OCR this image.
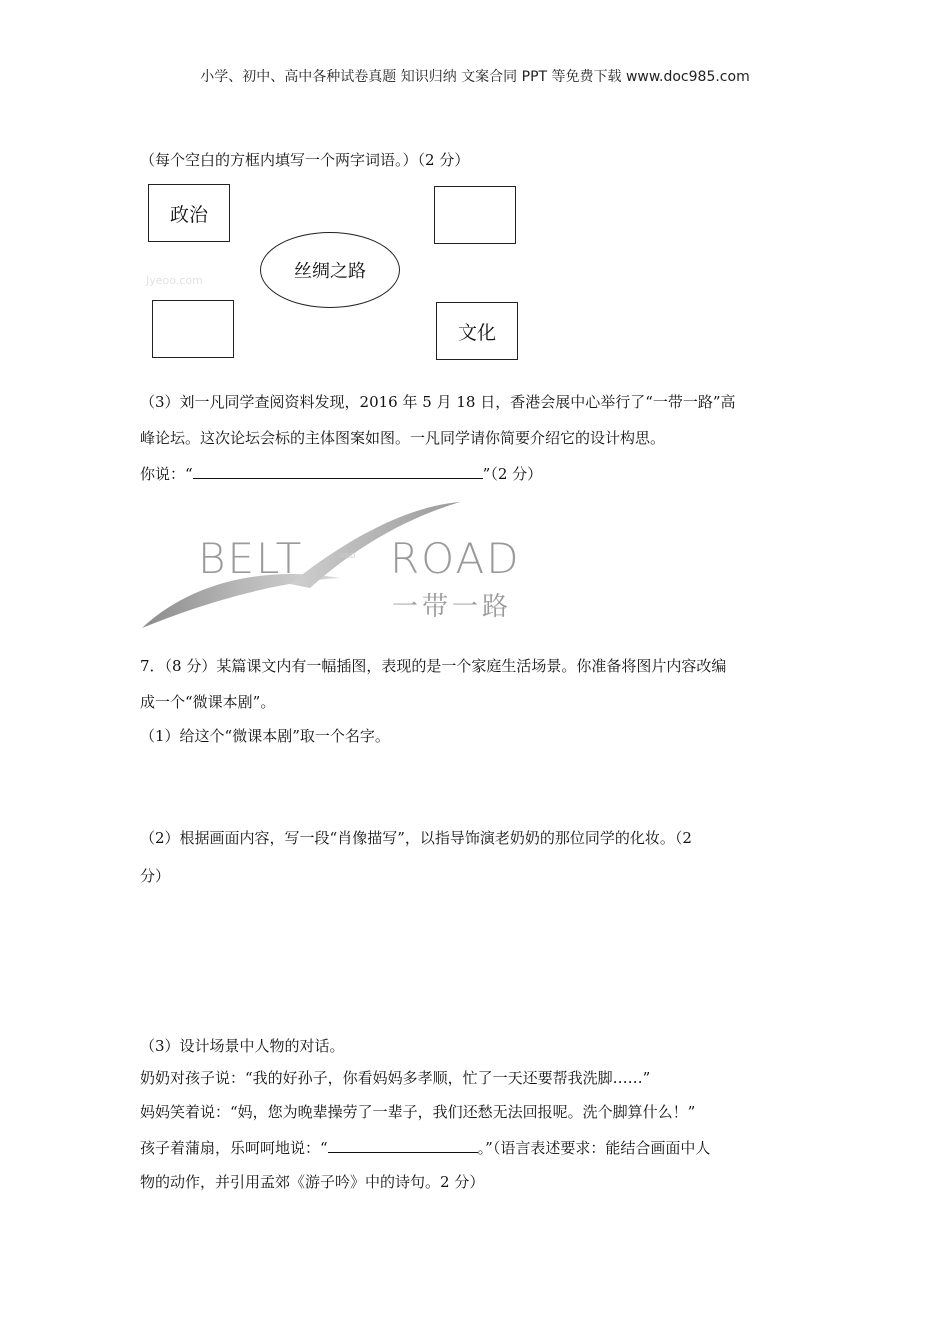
小学、初中、高中各种试卷真题 知识归纳 文案合同 PPT 等免费下载 www.doc985.com
（每个空白的方框内填写一个两字词语。）（2 分）
政治
丝绸之路
文化
Jyeoo.com
（3）刘一凡同学查阅资料发现，2016 年 5 月 18 日，香港会展中心举行了“一带一路”高
峰论坛。这次论坛会标的主体图案如图。一凡同学请你简要介绍它的设计构思。
你说：“	”（2 分）
BELT	AND ROAD
一带一路
7．（8 分）某篇课文内有一幅插图，表现的是一个家庭生活场景。你准备将图片内容改编
成一个“微课本剧”。
（1）给这个“微课本剧”取一个名字。
（2）根据画面内容，写一段“肖像描写”，以指导饰演老奶奶的那位同学的化妆。（2
分）
（3）设计场景中人物的对话。
奶奶对孩子说：“我的好孙子，你看妈妈多孝顺，忙了一天还要帮我洗脚……”
妈妈笑着说：“妈，您为晚辈操劳了一辈子，我们还愁无法回报呢。洗个脚算什么！”
孩子着蒲扇，乐呵呵地说：“	。”（语言表述要求：能结合画面中人
物的动作，并引用孟郊《游子吟》中的诗句。2 分）
